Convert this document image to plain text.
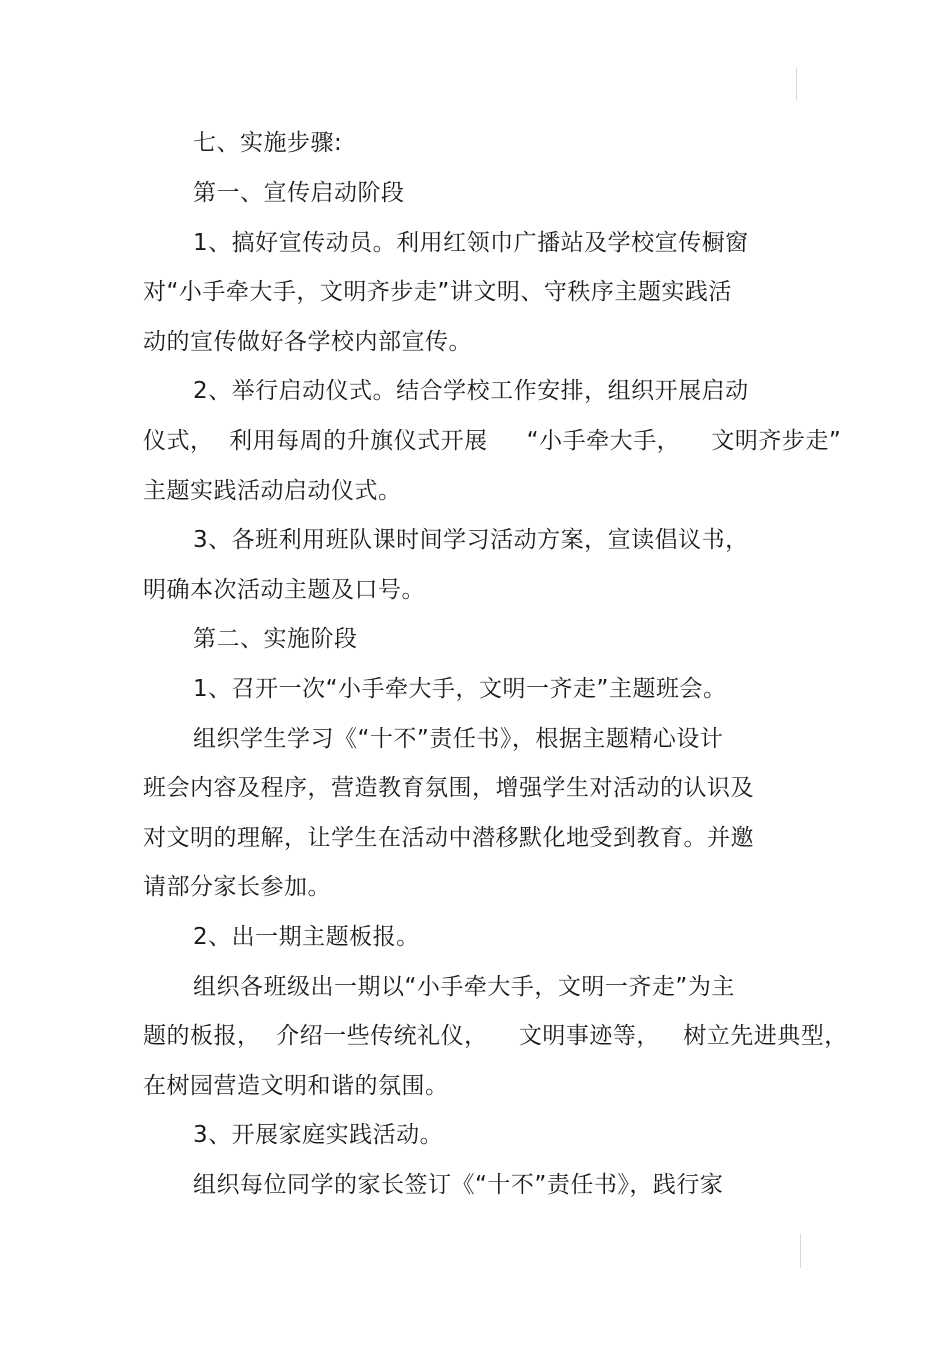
七、实施步骤:
第一、宣传启动阶段
1、搞好宣传动员。利用红领巾广播站及学校宣传橱窗
对“小手牵大手，文明齐步走”讲文明、守秩序主题实践活
动的宣传做好各学校内部宣传。
2、举行启动仪式。结合学校工作安排，组织开展启动
仪式，  利用每周的升旗仪式开展     “小手牵大手，    文明齐步走”
主题实践活动启动仪式。
3、各班利用班队课时间学习活动方案，宣读倡议书，
明确本次活动主题及口号。
第二、实施阶段
1、召开一次“小手牵大手，文明一齐走”主题班会。
组织学生学习《“十不”责任书》，根据主题精心设计
班会内容及程序，营造教育氛围，增强学生对活动的认识及
对文明的理解，让学生在活动中潜移默化地受到教育。并邀
请部分家长参加。
2、出一期主题板报。
组织各班级出一期以“小手牵大手，文明一齐走”为主
题的板报，  介绍一些传统礼仪，    文明事迹等，   树立先进典型，
在树园营造文明和谐的氛围。
3、开展家庭实践活动。
组织每位同学的家长签订《“十不”责任书》，践行家
